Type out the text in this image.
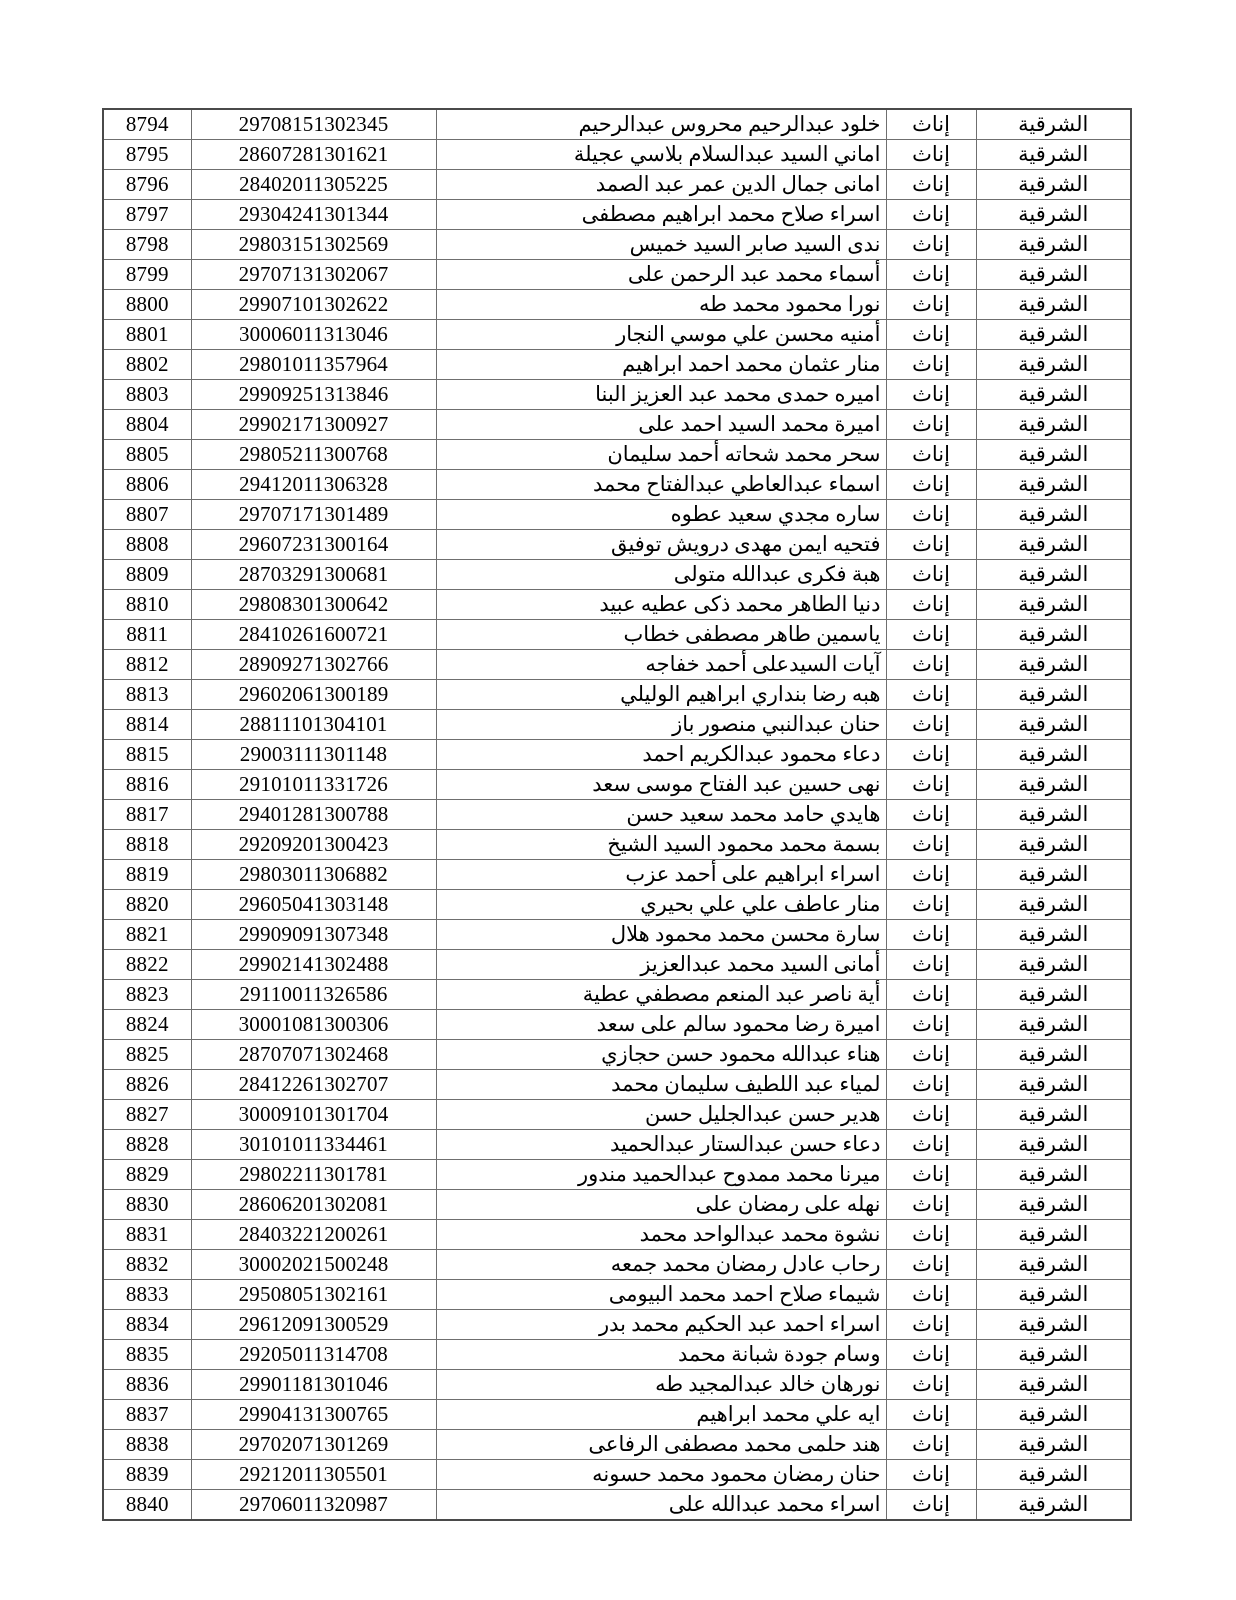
الشرقية	إناث	خلود عبدالرحيم محروس عبدالرحيم	29708151302345	8794
الشرقية	إناث	اماني السيد عبدالسلام بلاسي عجيلة	28607281301621	8795
الشرقية	إناث	امانى جمال الدين عمر عبد الصمد	28402011305225	8796
الشرقية	إناث	اسراء صلاح محمد ابراهيم مصطفى	29304241301344	8797
الشرقية	إناث	ندى السيد صابر السيد خميس	29803151302569	8798
الشرقية	إناث	أسماء محمد عبد الرحمن على	29707131302067	8799
الشرقية	إناث	نورا محمود محمد طه	29907101302622	8800
الشرقية	إناث	أمنيه محسن علي موسي النجار	30006011313046	8801
الشرقية	إناث	منار عثمان محمد احمد ابراهيم	29801011357964	8802
الشرقية	إناث	اميره حمدى محمد عبد العزيز البنا	29909251313846	8803
الشرقية	إناث	اميرة محمد السيد احمد على	29902171300927	8804
الشرقية	إناث	سحر محمد شحاته أحمد سليمان	29805211300768	8805
الشرقية	إناث	اسماء عبدالعاطي عبدالفتاح محمد	29412011306328	8806
الشرقية	إناث	ساره مجدي سعيد عطوه	29707171301489	8807
الشرقية	إناث	فتحيه ايمن مهدى درويش توفيق	29607231300164	8808
الشرقية	إناث	هبة فكرى عبدالله متولى	28703291300681	8809
الشرقية	إناث	دنيا الطاهر محمد ذكى عطيه عبيد	29808301300642	8810
الشرقية	إناث	ياسمين طاهر مصطفى خطاب	28410261600721	8811
الشرقية	إناث	آيات السيدعلى أحمد خفاجه	28909271302766	8812
الشرقية	إناث	هبه رضا بنداري ابراهيم الوليلي	29602061300189	8813
الشرقية	إناث	حنان عبدالنبي منصور باز	28811101304101	8814
الشرقية	إناث	دعاء محمود عبدالكريم احمد	29003111301148	8815
الشرقية	إناث	نهى حسين عبد الفتاح موسى سعد	29101011331726	8816
الشرقية	إناث	هايدي حامد محمد سعيد حسن	29401281300788	8817
الشرقية	إناث	بسمة محمد محمود السيد الشيخ	29209201300423	8818
الشرقية	إناث	اسراء ابراهيم على أحمد عزب	29803011306882	8819
الشرقية	إناث	منار عاطف علي علي بحيري	29605041303148	8820
الشرقية	إناث	سارة محسن محمد محمود هلال	29909091307348	8821
الشرقية	إناث	أمانى السيد محمد عبدالعزيز	29902141302488	8822
الشرقية	إناث	أية ناصر عبد المنعم مصطفي عطية	29110011326586	8823
الشرقية	إناث	اميرة رضا محمود سالم على سعد	30001081300306	8824
الشرقية	إناث	هناء عبدالله محمود حسن حجازي	28707071302468	8825
الشرقية	إناث	لمياء عبد اللطيف سليمان محمد	28412261302707	8826
الشرقية	إناث	هدير حسن عبدالجليل حسن	30009101301704	8827
الشرقية	إناث	دعاء حسن عبدالستار عبدالحميد	30101011334461	8828
الشرقية	إناث	ميرنا محمد ممدوح عبدالحميد مندور	29802211301781	8829
الشرقية	إناث	نهله على رمضان على	28606201302081	8830
الشرقية	إناث	نشوة محمد عبدالواحد محمد	28403221200261	8831
الشرقية	إناث	رحاب عادل رمضان محمد جمعه	30002021500248	8832
الشرقية	إناث	شيماء صلاح احمد محمد البيومى	29508051302161	8833
الشرقية	إناث	اسراء احمد عبد الحكيم محمد بدر	29612091300529	8834
الشرقية	إناث	وسام جودة شبانة محمد	29205011314708	8835
الشرقية	إناث	نورهان خالد عبدالمجيد طه	29901181301046	8836
الشرقية	إناث	ايه علي محمد ابراهيم	29904131300765	8837
الشرقية	إناث	هند حلمى محمد مصطفى الرفاعى	29702071301269	8838
الشرقية	إناث	حنان رمضان محمود محمد حسونه	29212011305501	8839
الشرقية	إناث	اسراء محمد عبدالله على	29706011320987	8840
